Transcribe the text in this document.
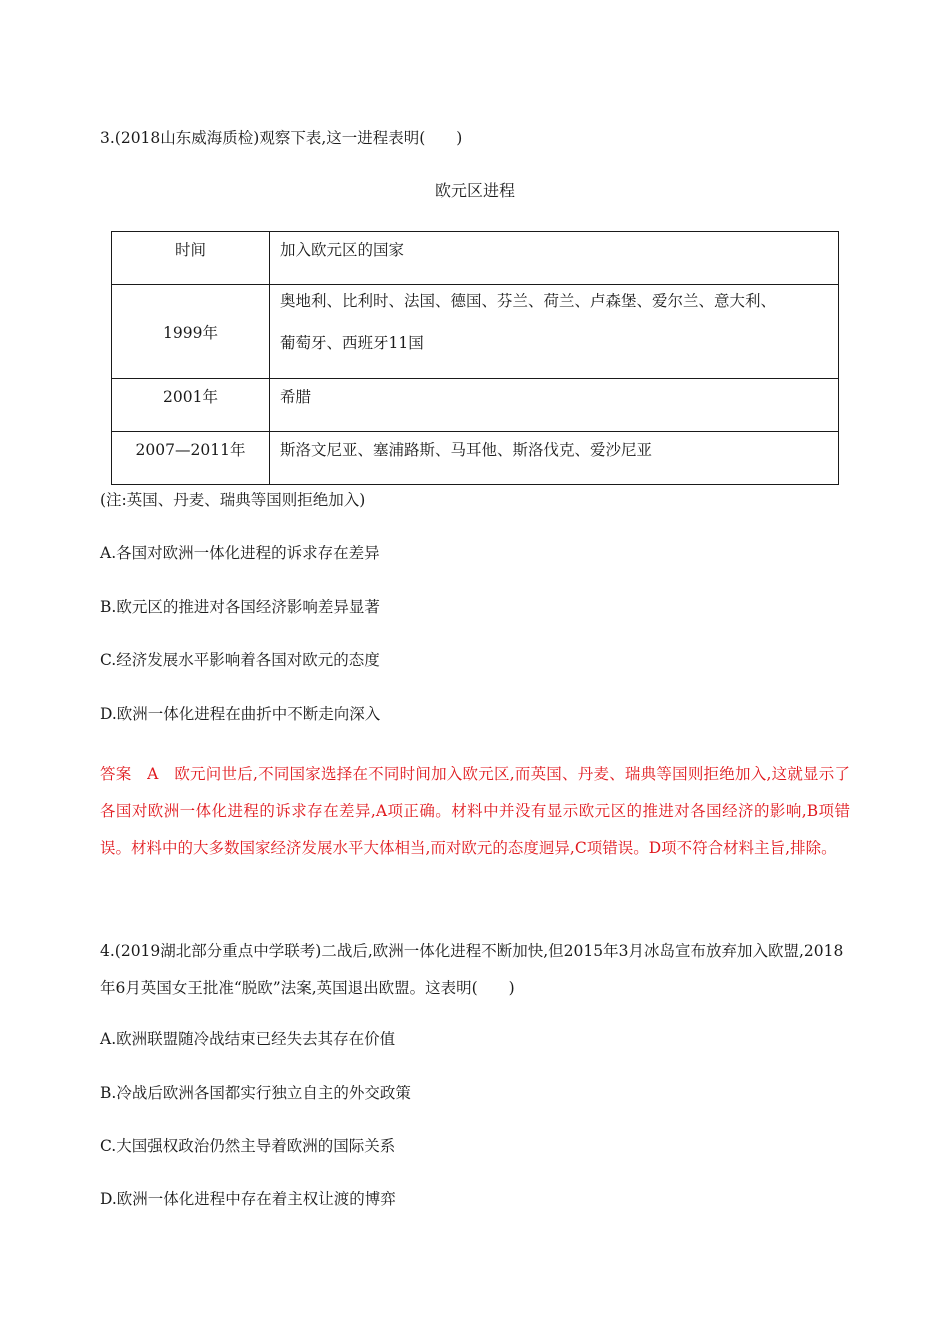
3.(2018山东威海质检)观察下表,这一进程表明(　　)
欧元区进程
时间	加入欧元区的国家
1999年	奥地利、比利时、法国、德国、芬兰、荷兰、卢森堡、爱尔兰、意大利、
葡萄牙、西班牙11国

2001年	希腊
2007—2011年	斯洛文尼亚、塞浦路斯、马耳他、斯洛伐克、爱沙尼亚
(注:英国、丹麦、瑞典等国则拒绝加入)
A.各国对欧洲一体化进程的诉求存在差异
B.欧元区的推进对各国经济影响差异显著
C.经济发展水平影响着各国对欧元的态度
D.欧洲一体化进程在曲折中不断走向深入
答案　A　欧元问世后,不同国家选择在不同时间加入欧元区,而英国、丹麦、瑞典等国则拒绝加入,这就显示了各国对欧洲一体化进程的诉求存在差异,A项正确。材料中并没有显示欧元区的推进对各国经济的影响,B项错误。材料中的大多数国家经济发展水平大体相当,而对欧元的态度迥异,C项错误。D项不符合材料主旨,排除。
4.(2019湖北部分重点中学联考)二战后,欧洲一体化进程不断加快,但2015年3月冰岛宣布放弃加入欧盟,2018年6月英国女王批准“脱欧”法案,英国退出欧盟。这表明(　　)
A.欧洲联盟随冷战结束已经失去其存在价值
B.冷战后欧洲各国都实行独立自主的外交政策
C.大国强权政治仍然主导着欧洲的国际关系
D.欧洲一体化进程中存在着主权让渡的博弈
